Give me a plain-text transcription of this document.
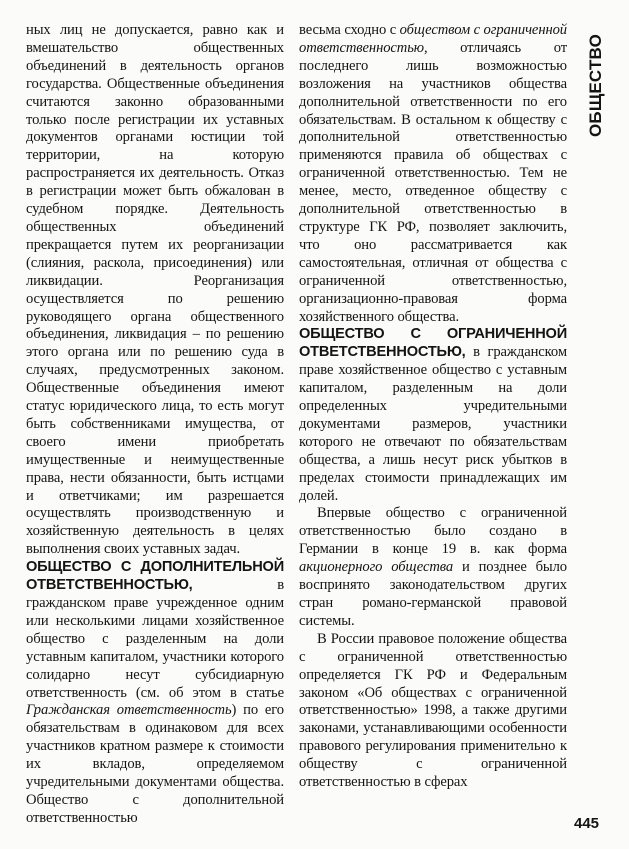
ОБЩЕСТВО

ных лиц не допускается, равно как и вмешательство общественных объединений в деятельность органов государства. Общественные объединения считаются законно образованными только после регистрации их уставных документов органами юстиции той территории, на которую распространяется их деятельность. Отказ в регистрации может быть обжалован в судебном порядке. Деятельность общественных объединений прекращается путем их реорганизации (слияния, раскола, присоединения) или ликвидации. Реорганизация осуществляется по решению руководящего органа общественного объединения, ликвидация – по решению этого органа или по решению суда в случаях, предусмотренных законом. Общественные объединения имеют статус юридического лица, то есть могут быть собственниками имущества, от своего имени приобретать имущественные и неимущественные права, нести обязанности, быть истцами и ответчиками; им разрешается осуществлять производственную и хозяйственную деятельность в целях выполнения своих уставных задач.

ОБЩЕСТВО С ДОПОЛНИТЕЛЬНОЙ ОТВЕТСТВЕННОСТЬЮ, в гражданском праве учрежденное одним или несколькими лицами хозяйственное общество с разделенным на доли уставным капиталом, участники которого солидарно несут субсидиарную ответственность (см. об этом в статье Гражданская ответственность) по его обязательствам в одинаковом для всех участников кратном размере к стоимости их вкладов, определяемом учредительными документами общества. Общество с дополнительной ответственностью

весьма сходно с обществом с ограниченной ответственностью, отличаясь от последнего лишь возможностью возложения на участников общества дополнительной ответственности по его обязательствам. В остальном к обществу с дополнительной ответственностью применяются правила об обществах с ограниченной ответственностью. Тем не менее, место, отведенное обществу с дополнительной ответственностью в структуре ГК РФ, позволяет заключить, что оно рассматривается как самостоятельная, отличная от общества с ограниченной ответственностью, организационно-правовая форма хозяйственного общества.

ОБЩЕСТВО С ОГРАНИЧЕННОЙ ОТВЕТСТВЕННОСТЬЮ, в гражданском праве хозяйственное общество с уставным капиталом, разделенным на доли определенных учредительными документами размеров, участники которого не отвечают по обязательствам общества, а лишь несут риск убытков в пределах стоимости принадлежащих им долей.

Впервые общество с ограниченной ответственностью было создано в Германии в конце 19 в. как форма акционерного общества и позднее было воспринято законодательством других стран романо-германской правовой системы.

В России правовое положение общества с ограниченной ответственностью определяется ГК РФ и Федеральным законом «Об обществах с ограниченной ответственностью» 1998, а также другими законами, устанавливающими особенности правового регулирования применительно к обществу с ограниченной ответственностью в сферах

445
